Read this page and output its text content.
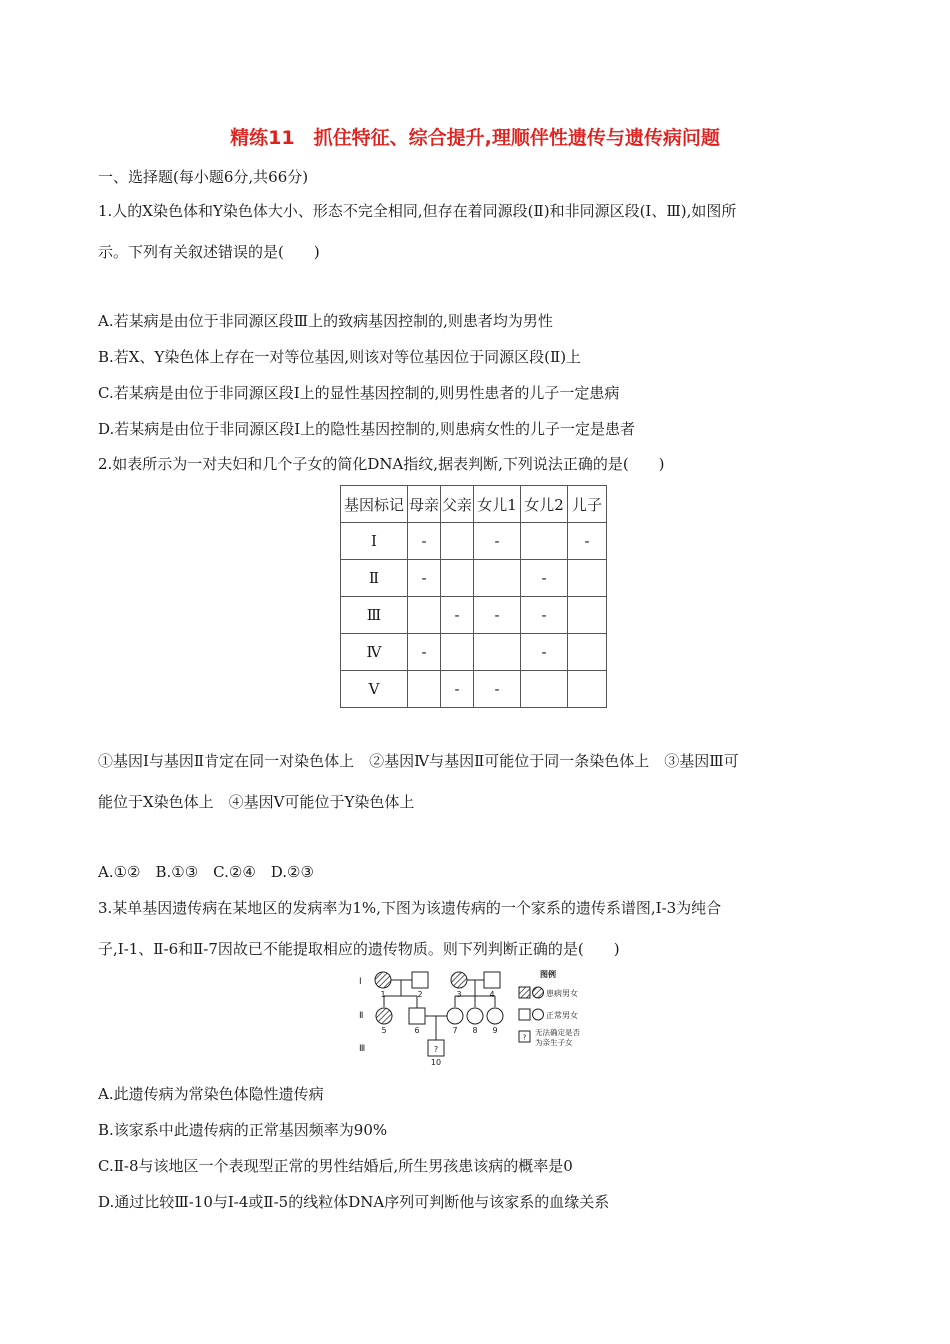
精练11　抓住特征、综合提升,理顺伴性遗传与遗传病问题
一、选择题(每小题6分,共66分)
1.人的X染色体和Y染色体大小、形态不完全相同,但存在着同源段(Ⅱ)和非同源区段(Ⅰ、Ⅲ),如图所
示。下列有关叙述错误的是(　　)
A.若某病是由位于非同源区段Ⅲ上的致病基因控制的,则患者均为男性
B.若X、Y染色体上存在一对等位基因,则该对等位基因位于同源区段(Ⅱ)上
C.若某病是由位于非同源区段Ⅰ上的显性基因控制的,则男性患者的儿子一定患病
D.若某病是由位于非同源区段Ⅰ上的隐性基因控制的,则患病女性的儿子一定是患者
2.如表所示为一对夫妇和几个子女的简化DNA指纹,据表判断,下列说法正确的是(　　)
基因标记	母亲	父亲	女儿1	女儿2	儿子
Ⅰ	-		-		-
Ⅱ	-			-	
Ⅲ		-	-	-	
Ⅳ	-			-	
Ⅴ		-	-		
①基因Ⅰ与基因Ⅱ肯定在同一对染色体上　②基因Ⅳ与基因Ⅱ可能位于同一条染色体上　③基因Ⅲ可
能位于X染色体上　④基因Ⅴ可能位于Y染色体上
A.①②　B.①③　C.②④　D.②③
3.某单基因遗传病在某地区的发病率为1%,下图为该遗传病的一个家系的遗传系谱图,Ⅰ-3为纯合
子,Ⅰ-1、Ⅱ-6和Ⅱ-7因故已不能提取相应的遗传物质。则下列判断正确的是(　　)
Ⅰ
Ⅱ
Ⅲ	?
1	2	3	4
5	6	7 8 9
10
图例
患病男女
正常男女
?
无法确定是否
为亲生子女
A.此遗传病为常染色体隐性遗传病
B.该家系中此遗传病的正常基因频率为90%
C.Ⅱ-8与该地区一个表现型正常的男性结婚后,所生男孩患该病的概率是0
D.通过比较Ⅲ-10与Ⅰ-4或Ⅱ-5的线粒体DNA序列可判断他与该家系的血缘关系
